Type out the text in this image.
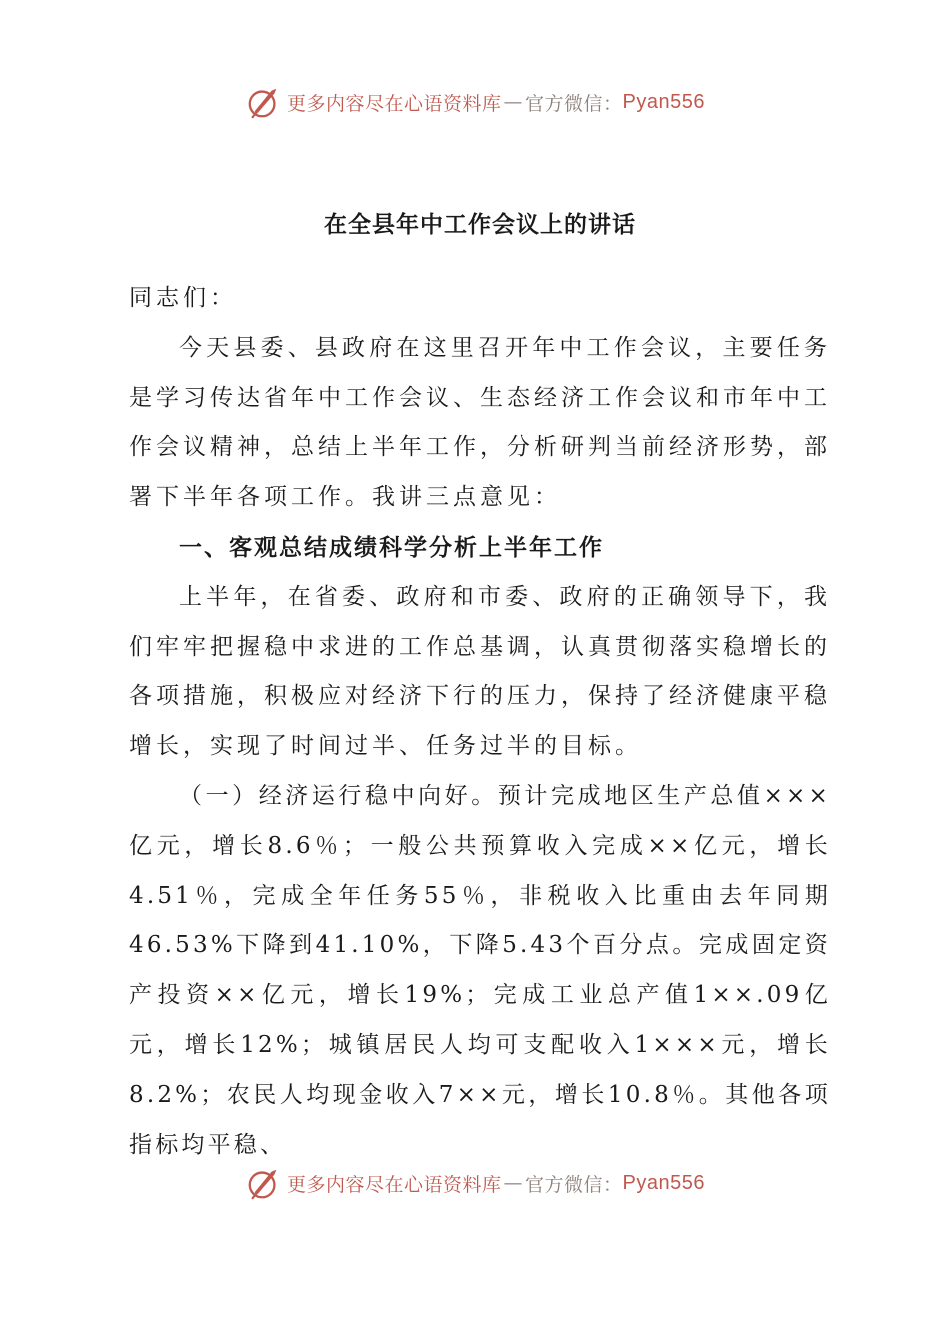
更多内容尽在心语资料库 — 官方微信： Pyan556
在全县年中工作会议上的讲话

同志们：

今天县委、县政府在这里召开年中工作会议，主要任务是学习传达省年中工作会议、生态经济工作会议和市年中工作会议精神，总结上半年工作，分析研判当前经济形势，部署下半年各项工作。我讲三点意见：

一、客观总结成绩科学分析上半年工作

上半年，在省委、政府和市委、政府的正确领导下，我们牢牢把握稳中求进的工作总基调，认真贯彻落实稳增长的各项措施，积极应对经济下行的压力，保持了经济健康平稳增长，实现了时间过半、任务过半的目标。

（一）经济运行稳中向好。预计完成地区生产总值×××亿元，增长8.6％；一般公共预算收入完成××亿元，增长4.51％，完成全年任务55％，非税收入比重由去年同期46.53%下降到41.10%，下降5.43个百分点。完成固定资产投资××亿元，增长19%；完成工业总产值1××.09亿元，增长12%；城镇居民人均可支配收入1×××元，增长8.2%；农民人均现金收入7××元，增长10.8％。其他各项指标均平稳、

更多内容尽在心语资料库 — 官方微信： Pyan556
